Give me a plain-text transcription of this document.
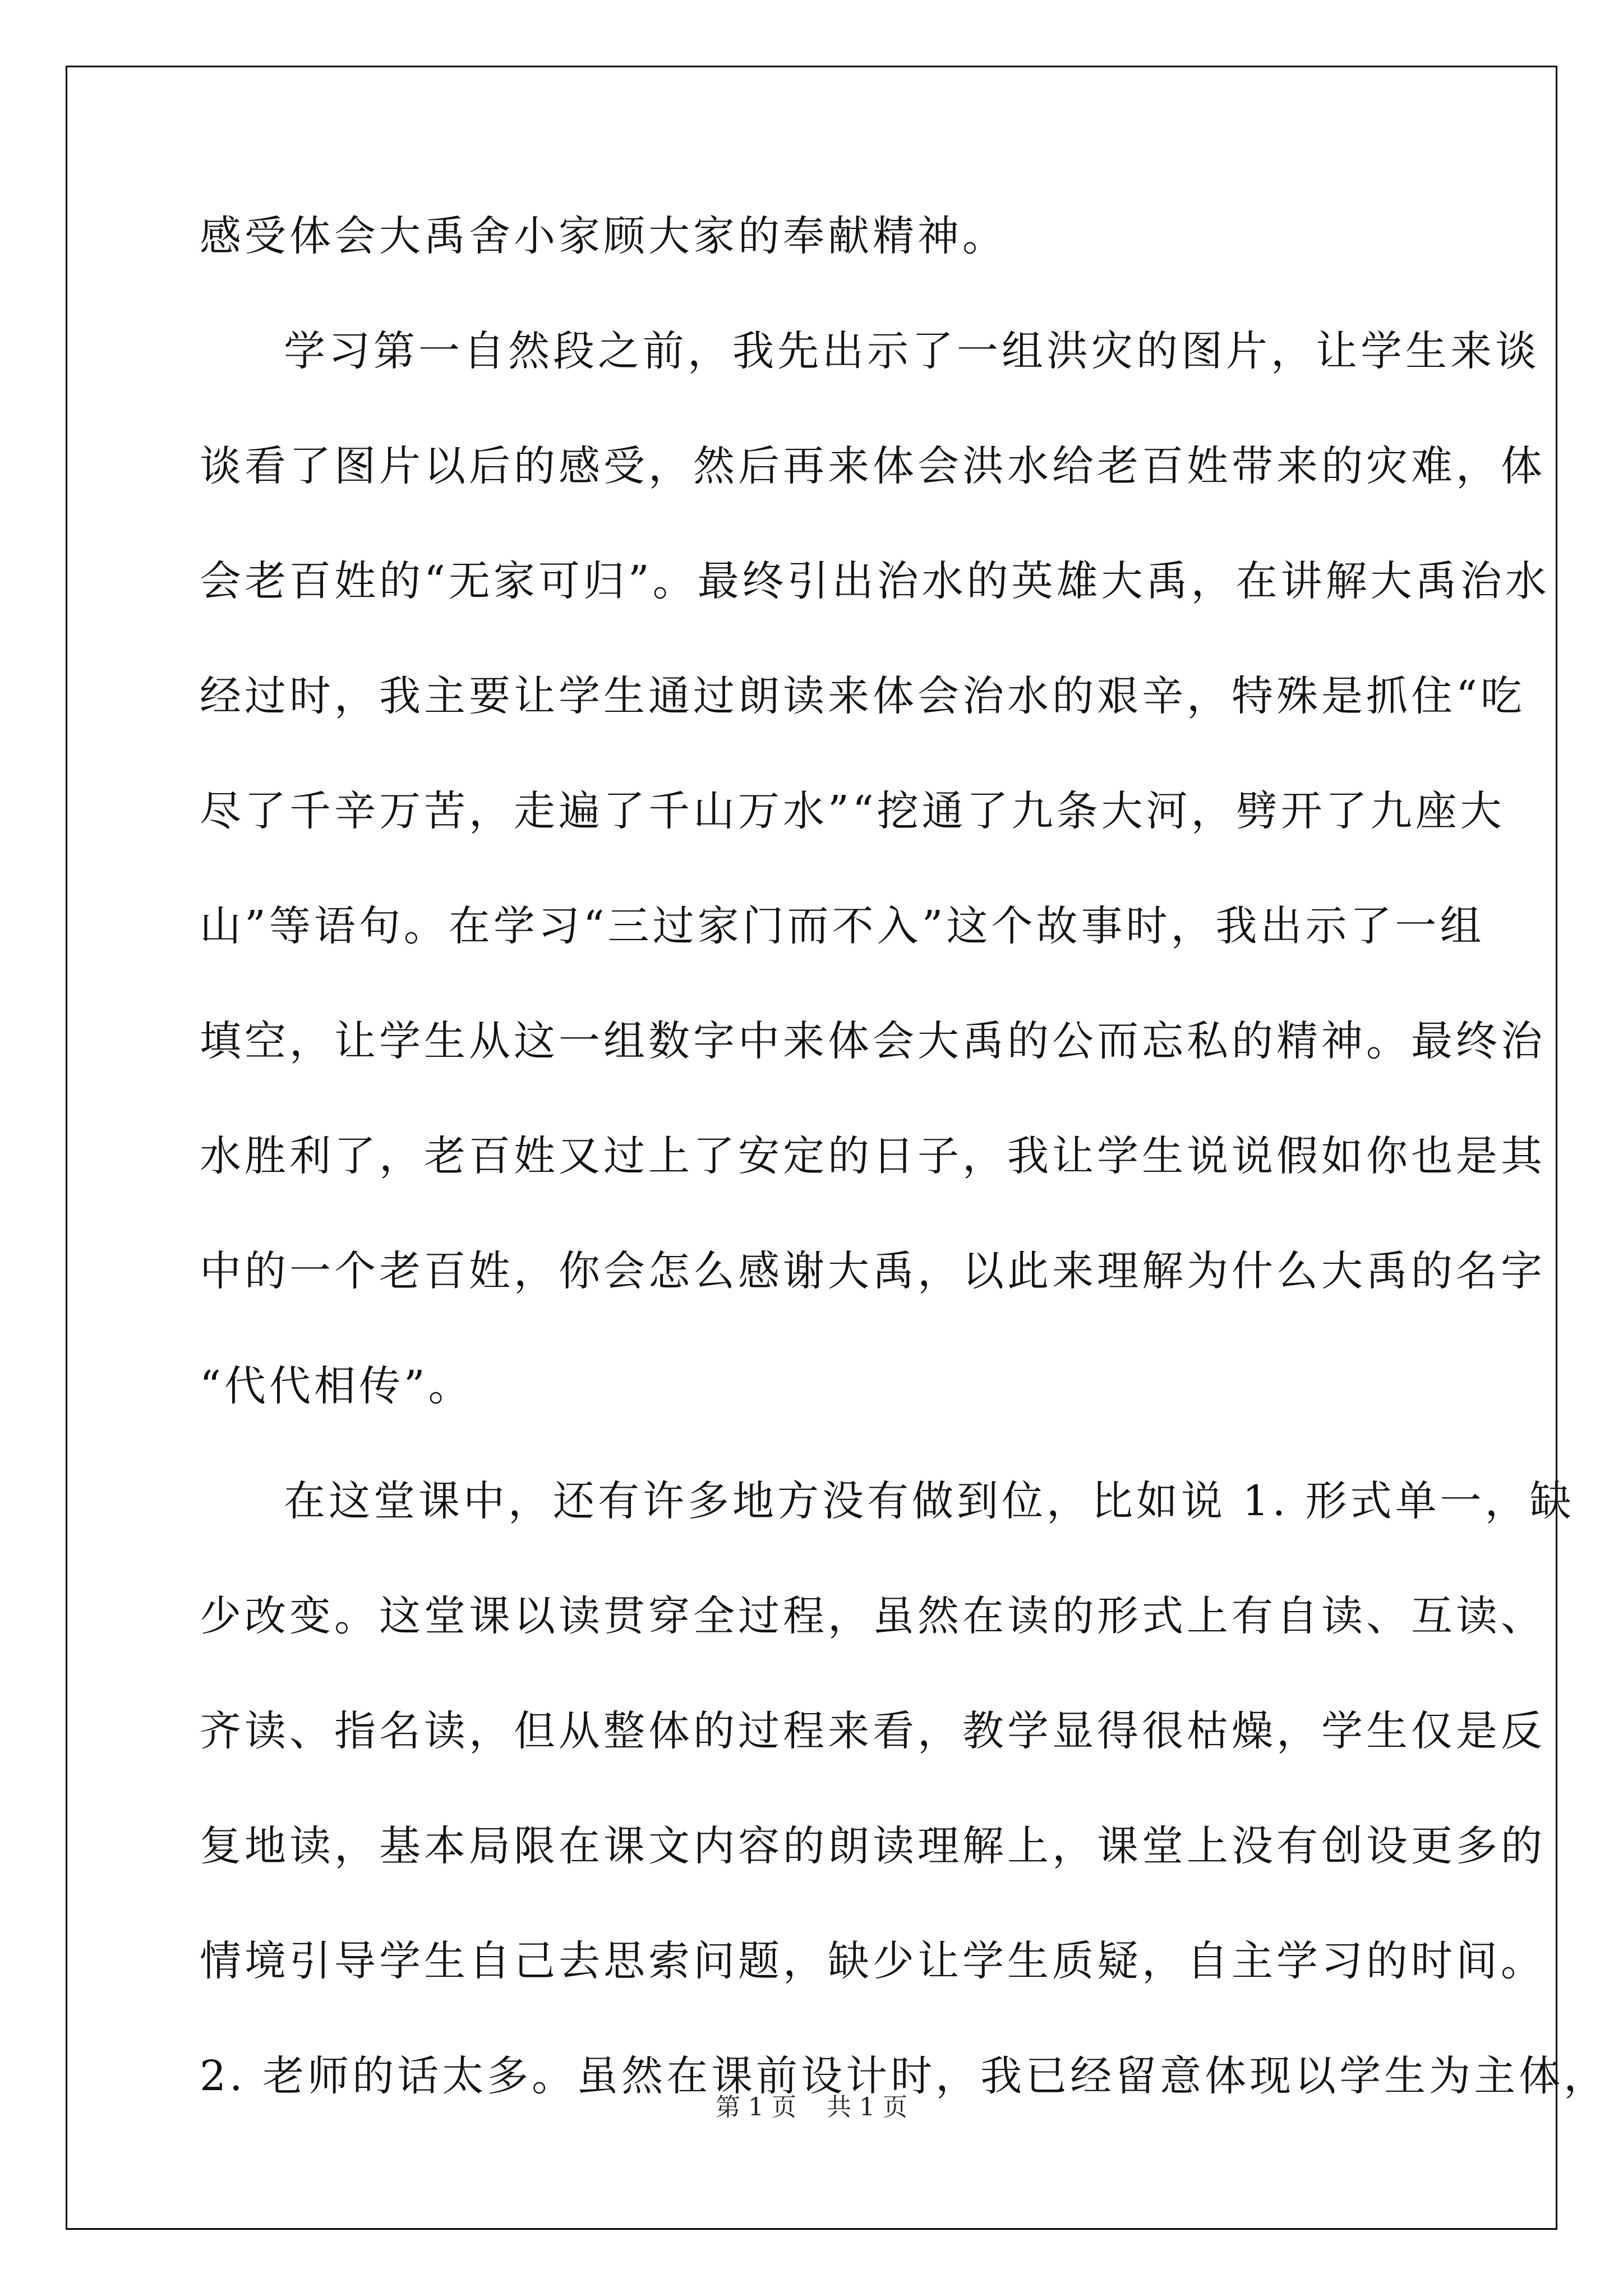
感受体会大禹舍小家顾大家的奉献精神。
学习第一自然段之前，我先出示了一组洪灾的图片，让学生来谈
谈看了图片以后的感受，然后再来体会洪水给老百姓带来的灾难，体
会老百姓的“无家可归”。最终引出治水的英雄大禹，在讲解大禹治水
经过时，我主要让学生通过朗读来体会治水的艰辛，特殊是抓住“吃
尽了千辛万苦，走遍了千山万水”“挖通了九条大河，劈开了九座大
山”等语句。在学习“三过家门而不入”这个故事时，我出示了一组
填空，让学生从这一组数字中来体会大禹的公而忘私的精神。最终治
水胜利了，老百姓又过上了安定的日子，我让学生说说假如你也是其
中的一个老百姓，你会怎么感谢大禹，以此来理解为什么大禹的名字
“代代相传”。
在这堂课中，还有许多地方没有做到位，比如说 1. 形式单一，缺
少改变。这堂课以读贯穿全过程，虽然在读的形式上有自读、互读、
齐读、指名读，但从整体的过程来看，教学显得很枯燥，学生仅是反
复地读，基本局限在课文内容的朗读理解上，课堂上没有创设更多的
情境引导学生自己去思索问题，缺少让学生质疑，自主学习的时间。
2. 老师的话太多。虽然在课前设计时，我已经留意体现以学生为主体，
第 1 页 共 1 页
